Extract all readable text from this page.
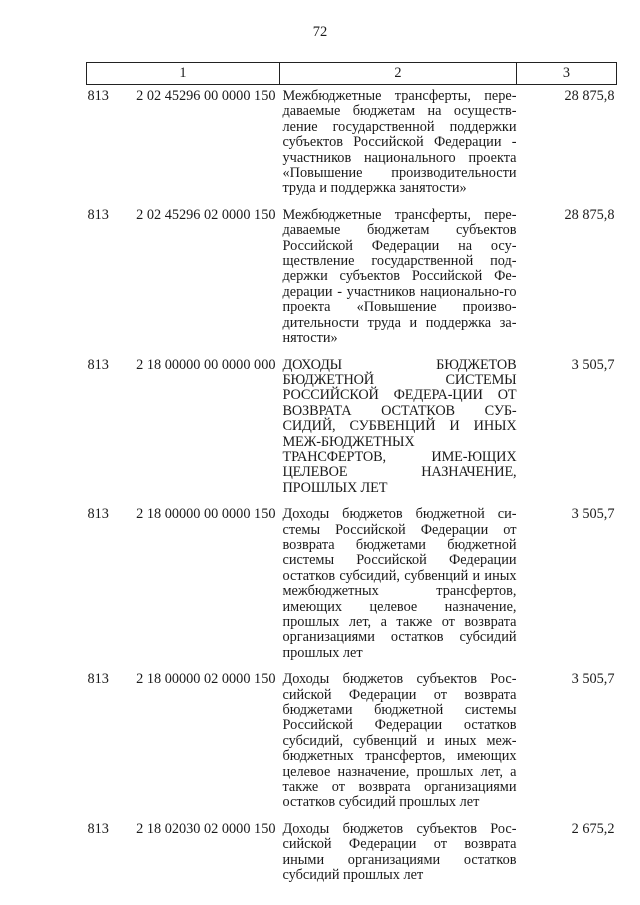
72
1	2	3

813 2 02 45296 00 0000 150	Межбюджетные трансферты, пере-даваемые бюджетам на осуществ-ление государственной поддержки субъектов Российской Федерации - участников национального проекта «Повышение производительности труда и поддержка занятости»	28 875,8

813 2 02 45296 02 0000 150	Межбюджетные трансферты, пере-даваемые бюджетам субъектов Российской Федерации на осу-ществление государственной под-держки субъектов Российской Фе-дерации - участников национально-го проекта «Повышение произво-дительности труда и поддержка за-нятости»	28 875,8

813 2 18 00000 00 0000 000	ДОХОДЫ БЮДЖЕТОВ БЮДЖЕТНОЙ СИСТЕМЫ РОССИЙСКОЙ ФЕДЕРА-ЦИИ ОТ ВОЗВРАТА ОСТАТКОВ СУБ-СИДИЙ, СУБВЕНЦИЙ И ИНЫХ МЕЖ-БЮДЖЕТНЫХ ТРАНСФЕРТОВ, ИМЕ-ЮЩИХ ЦЕЛЕВОЕ НАЗНАЧЕНИЕ, ПРОШЛЫХ ЛЕТ	3 505,7

813 2 18 00000 00 0000 150	Доходы бюджетов бюджетной си-стемы Российской Федерации от возврата бюджетами бюджетной системы Российской Федерации остатков субсидий, субвенций и иных межбюджетных трансфертов, имеющих целевое назначение, прошлых лет, а также от возврата организациями остатков субсидий прошлых лет	3 505,7

813 2 18 00000 02 0000 150	Доходы бюджетов субъектов Рос-сийской Федерации от возврата бюджетами бюджетной системы Российской Федерации остатков субсидий, субвенций и иных меж-бюджетных трансфертов, имеющих целевое назначение, прошлых лет, а также от возврата организациями остатков субсидий прошлых лет	3 505,7

813 2 18 02030 02 0000 150	Доходы бюджетов субъектов Рос-сийской Федерации от возврата иными организациями остатков субсидий прошлых лет	2 675,2
